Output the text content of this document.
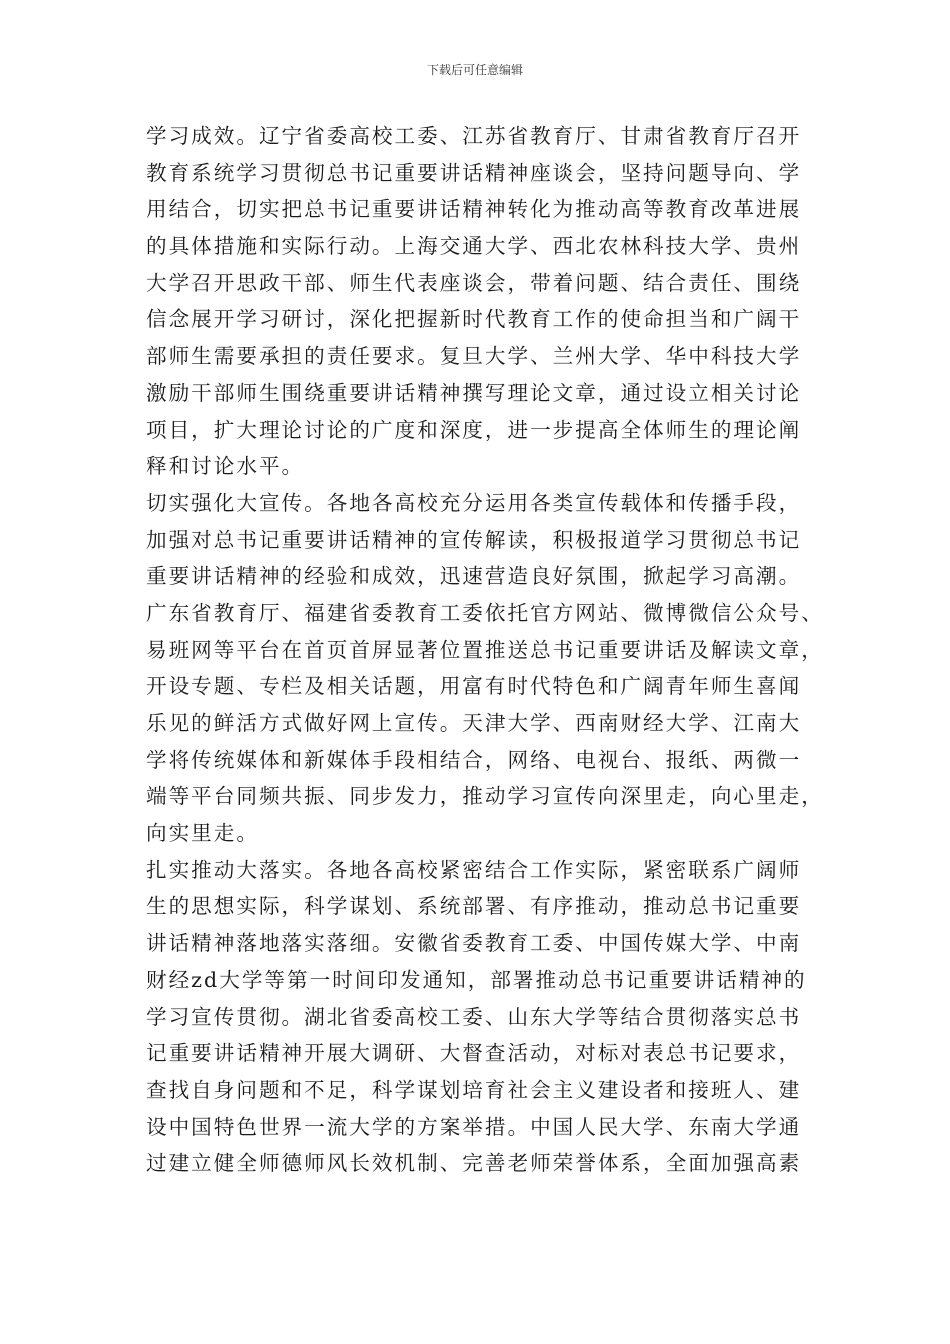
下载后可任意编辑
学习成效。辽宁省委高校工委、江苏省教育厅、甘肃省教育厅召开
教育系统学习贯彻总书记重要讲话精神座谈会，坚持问题导向、学
用结合，切实把总书记重要讲话精神转化为推动高等教育改革进展
的具体措施和实际行动。上海交通大学、西北农林科技大学、贵州
大学召开思政干部、师生代表座谈会，带着问题、结合责任、围绕
信念展开学习研讨，深化把握新时代教育工作的使命担当和广阔干
部师生需要承担的责任要求。复旦大学、兰州大学、华中科技大学
激励干部师生围绕重要讲话精神撰写理论文章，通过设立相关讨论
项目，扩大理论讨论的广度和深度，进一步提高全体师生的理论阐
释和讨论水平。
切实强化大宣传。各地各高校充分运用各类宣传载体和传播手段，
加强对总书记重要讲话精神的宣传解读，积极报道学习贯彻总书记
重要讲话精神的经验和成效，迅速营造良好氛围，掀起学习高潮。
广东省教育厅、福建省委教育工委依托官方网站、微博微信公众号、
易班网等平台在首页首屏显著位置推送总书记重要讲话及解读文章，
开设专题、专栏及相关话题，用富有时代特色和广阔青年师生喜闻
乐见的鲜活方式做好网上宣传。天津大学、西南财经大学、江南大
学将传统媒体和新媒体手段相结合，网络、电视台、报纸、两微一
端等平台同频共振、同步发力，推动学习宣传向深里走，向心里走，
向实里走。
扎实推动大落实。各地各高校紧密结合工作实际，紧密联系广阔师
生的思想实际，科学谋划、系统部署、有序推动，推动总书记重要
讲话精神落地落实落细。安徽省委教育工委、中国传媒大学、中南
财经zd大学等第一时间印发通知，部署推动总书记重要讲话精神的
学习宣传贯彻。湖北省委高校工委、山东大学等结合贯彻落实总书
记重要讲话精神开展大调研、大督查活动，对标对表总书记要求，
查找自身问题和不足，科学谋划培育社会主义建设者和接班人、建
设中国特色世界一流大学的方案举措。中国人民大学、东南大学通
过建立健全师德师风长效机制、完善老师荣誉体系，全面加强高素
